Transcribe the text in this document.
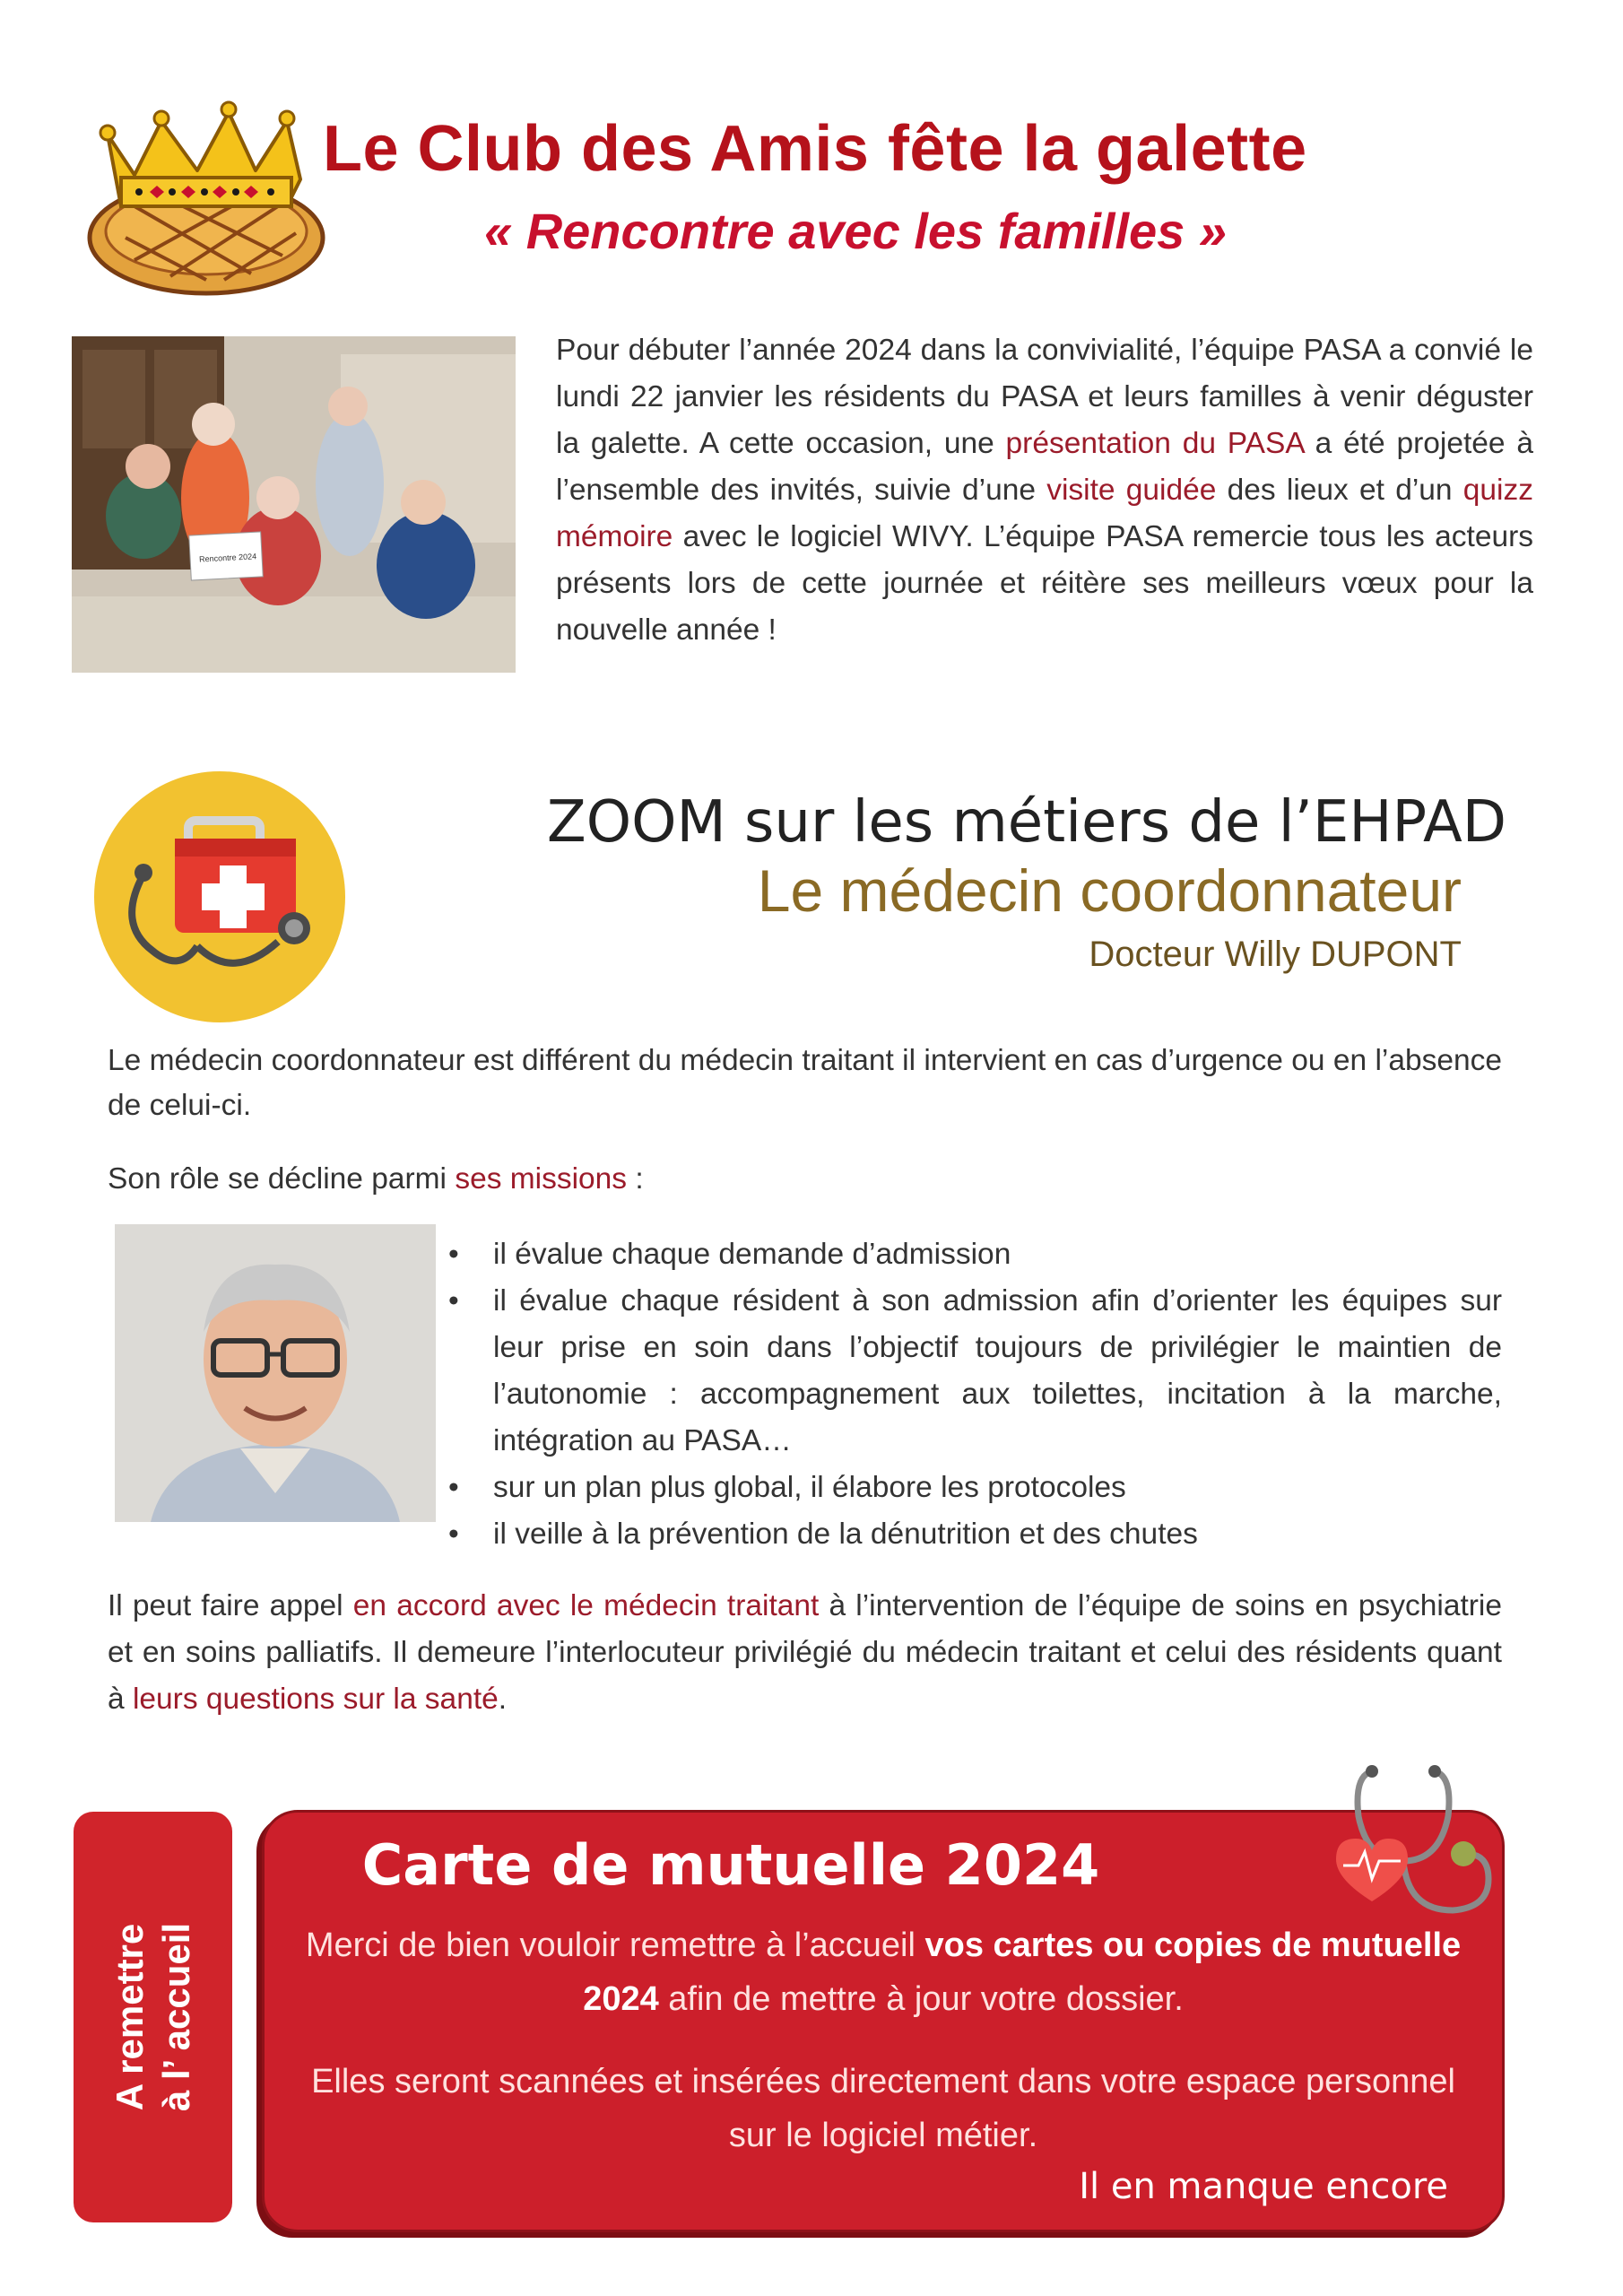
Le Club des Amis fête la galette
« Rencontre avec les familles »
Rencontre 2024
Pour débuter l’année 2024 dans la convivialité, l’équipe PASA a convié le lundi 22 janvier les résidents du PASA et leurs familles à venir déguster la galette. A cette occasion, une présentation du PASA a été projetée à l’ensemble des invités, suivie d’une visite guidée des lieux et d’un quizz mémoire avec le logiciel WIVY. L’équipe PASA remercie tous les acteurs présents lors de cette journée et réitère ses meilleurs vœux pour la nouvelle année !
ZOOM sur les métiers de l’EHPAD
Le médecin coordonnateur
Docteur Willy DUPONT
Le médecin coordonnateur est différent du médecin traitant il intervient en cas d’urgence ou en l’absence de celui-ci.
Son rôle se décline parmi ses missions :
•	il évalue chaque demande d’admission
•	il évalue chaque résident à son admission afin d’orienter les équipes sur leur prise en soin dans l’objectif toujours de privilégier le maintien de l’autonomie : accompagnement aux toilettes, incitation à la marche, intégration au PASA…
•	sur un plan plus global, il élabore les protocoles
•	il veille à la prévention de la dénutrition et des chutes
Il peut faire appel en accord avec le médecin traitant à l’intervention de l’équipe de soins en psychiatrie et en soins palliatifs. Il demeure l’interlocuteur privilégié du médecin traitant et celui des résidents quant à leurs questions sur la santé.
A remettre à l’ accueil
Carte de mutuelle 2024
Merci de bien vouloir remettre à l’accueil vos cartes ou copies de mutuelle 2024 afin de mettre à jour votre dossier.
Elles seront scannées et insérées directement dans votre espace personnel sur le logiciel métier.
Il en manque encore
